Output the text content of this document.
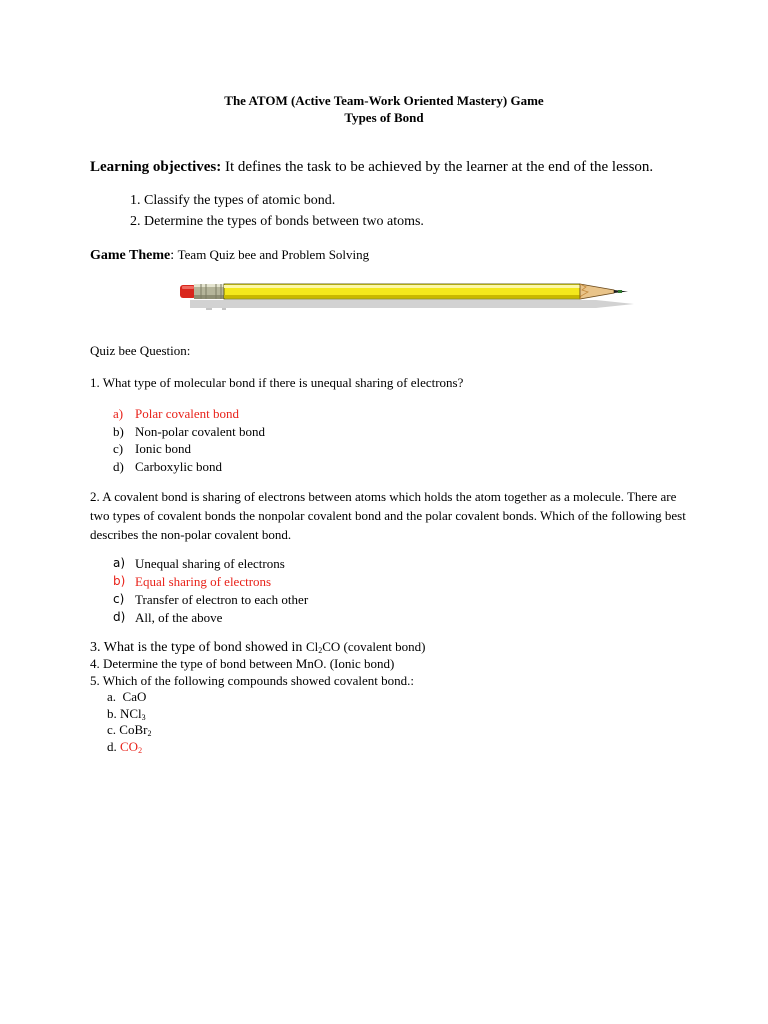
The ATOM (Active Team-Work Oriented Mastery) Game
Types of Bond
Learning objectives: It defines the task to be achieved by the learner at the end of the lesson.
1. Classify the types of atomic bond.
2. Determine the types of bonds between two atoms.
Game Theme: Team Quiz bee and Problem Solving
Quiz bee Question:
1. What type of molecular bond if there is unequal sharing of electrons?
a) Polar covalent bond
b) Non-polar covalent bond
c) Ionic bond
d) Carboxylic bond
2. A covalent bond is sharing of electrons between atoms which holds the atom together as a molecule. There are two types of covalent bonds the nonpolar covalent bond and the polar covalent bonds. Which of the following best describes the non-polar covalent bond.
a) Unequal sharing of electrons
b) Equal sharing of electrons
c) Transfer of electron to each other
d) All, of the above
3. What is the type of bond showed in $Cl_2CO$ (covalent bond)
4. Determine the type of bond between MnO. (Ionic bond)
5. Which of the following compounds showed covalent bond.:
a. CaO
b. NCl$_3$
c. CoBr$_2$
d. $CO_2$
